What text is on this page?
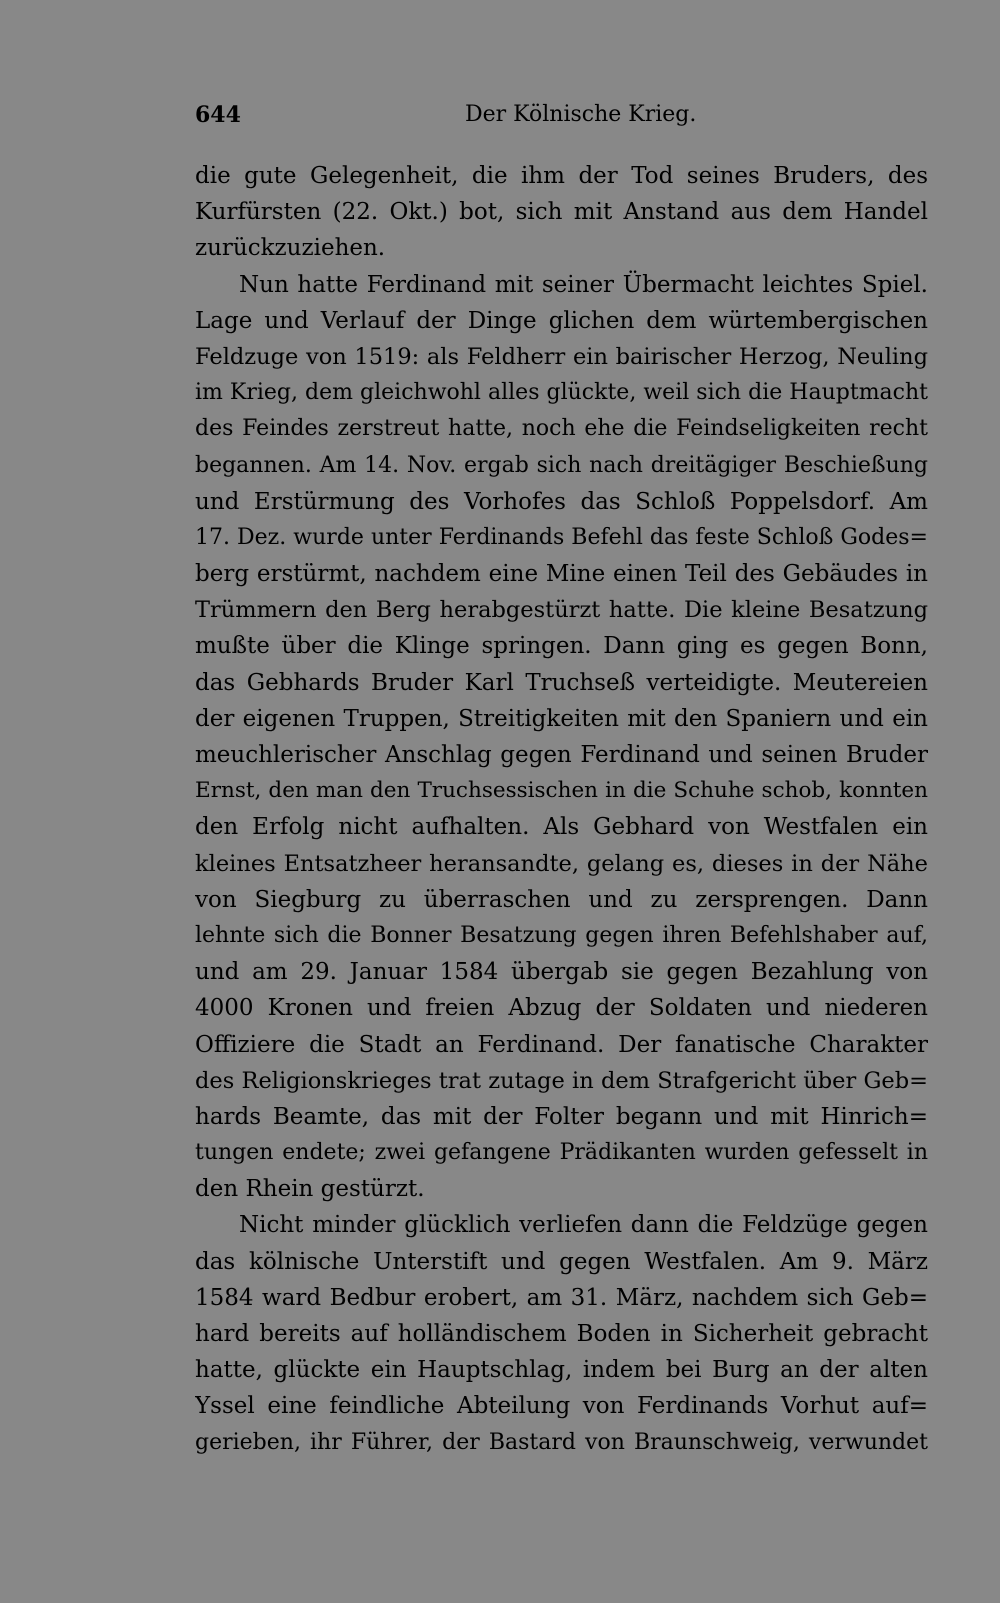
644	Der Kölnische Krieg.
die gute Gelegenheit, die ihm der Tod seines Bruders, des
Kurfürsten (22. Okt.) bot, sich mit Anstand aus dem Handel
zurückzuziehen.
Nun hatte Ferdinand mit seiner Übermacht leichtes Spiel.
Lage und Verlauf der Dinge glichen dem würtembergischen
Feldzuge von 1519: als Feldherr ein bairischer Herzog, Neuling
im Krieg, dem gleichwohl alles glückte, weil sich die Hauptmacht
des Feindes zerstreut hatte, noch ehe die Feindseligkeiten recht
begannen. Am 14. Nov. ergab sich nach dreitägiger Beschießung
und Erstürmung des Vorhofes das Schloß Poppelsdorf. Am
17. Dez. wurde unter Ferdinands Befehl das feste Schloß Godes=
berg erstürmt, nachdem eine Mine einen Teil des Gebäudes in
Trümmern den Berg herabgestürzt hatte. Die kleine Besatzung
mußte über die Klinge springen. Dann ging es gegen Bonn,
das Gebhards Bruder Karl Truchseß verteidigte. Meutereien
der eigenen Truppen, Streitigkeiten mit den Spaniern und ein
meuchlerischer Anschlag gegen Ferdinand und seinen Bruder
Ernst, den man den Truchsessischen in die Schuhe schob, konnten
den Erfolg nicht aufhalten. Als Gebhard von Westfalen ein
kleines Entsatzheer heransandte, gelang es, dieses in der Nähe
von Siegburg zu überraschen und zu zersprengen. Dann
lehnte sich die Bonner Besatzung gegen ihren Befehlshaber auf,
und am 29. Januar 1584 übergab sie gegen Bezahlung von
4000 Kronen und freien Abzug der Soldaten und niederen
Offiziere die Stadt an Ferdinand. Der fanatische Charakter
des Religionskrieges trat zutage in dem Strafgericht über Geb=
hards Beamte, das mit der Folter begann und mit Hinrich=
tungen endete; zwei gefangene Prädikanten wurden gefesselt in
den Rhein gestürzt.
Nicht minder glücklich verliefen dann die Feldzüge gegen
das kölnische Unterstift und gegen Westfalen. Am 9. März
1584 ward Bedbur erobert, am 31. März, nachdem sich Geb=
hard bereits auf holländischem Boden in Sicherheit gebracht
hatte, glückte ein Hauptschlag, indem bei Burg an der alten
Yssel eine feindliche Abteilung von Ferdinands Vorhut auf=
gerieben, ihr Führer, der Bastard von Braunschweig, verwundet
